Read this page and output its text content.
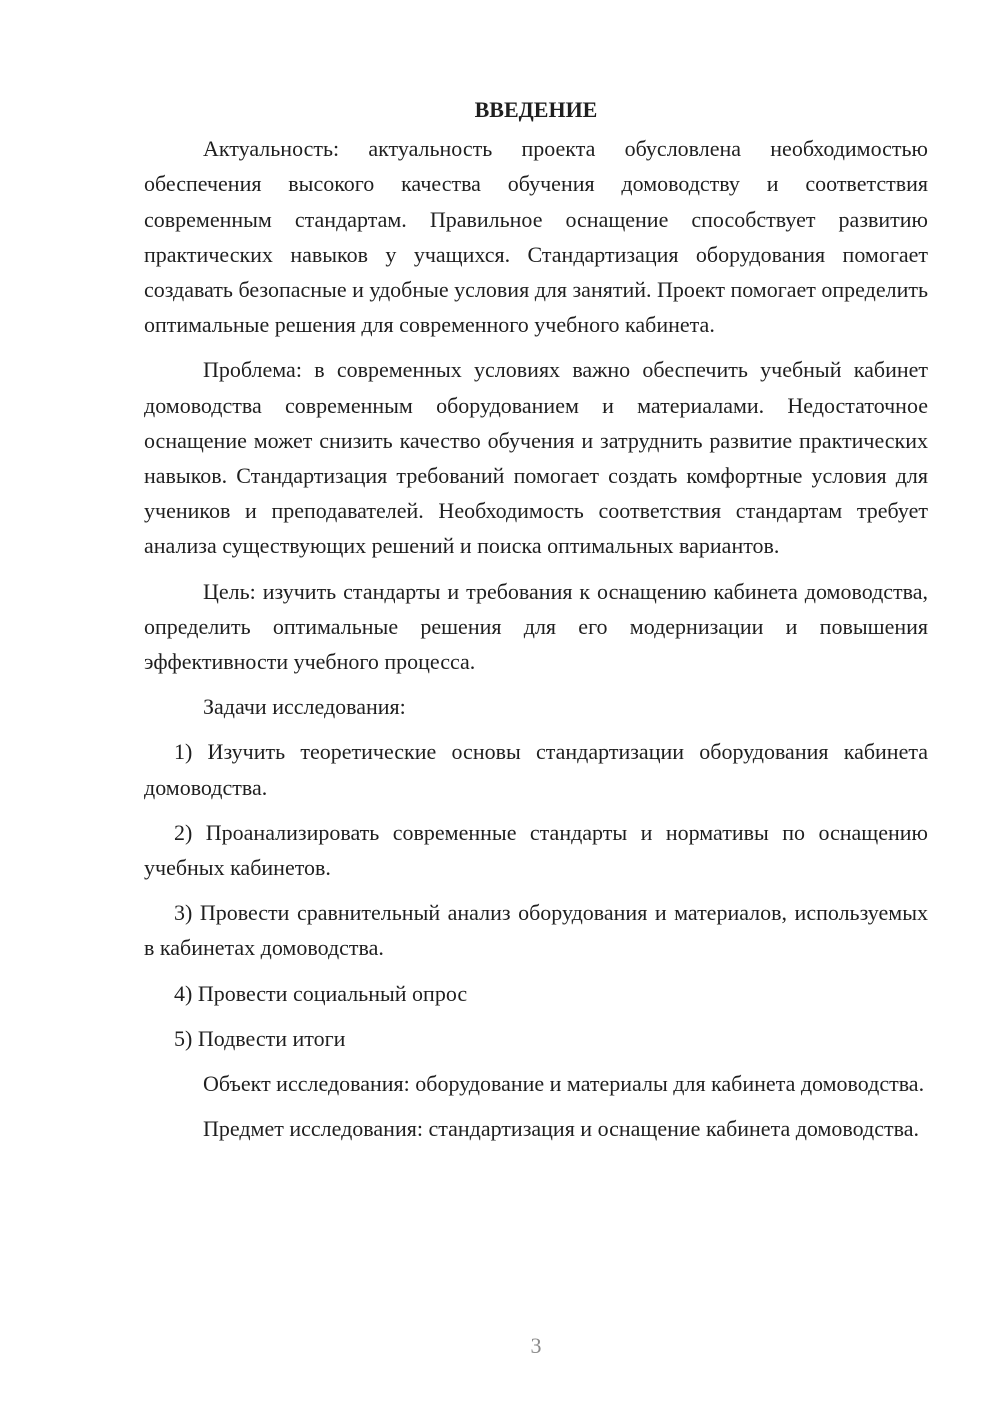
ВВЕДЕНИЕ

Актуальность: актуальность проекта обусловлена необходимостью обеспечения высокого качества обучения домоводству и соответствия современным стандартам. Правильное оснащение способствует развитию практических навыков у учащихся. Стандартизация оборудования помогает создавать безопасные и удобные условия для занятий. Проект помогает определить оптимальные решения для современного учебного кабинета.

Проблема: в современных условиях важно обеспечить учебный кабинет домоводства современным оборудованием и материалами. Недостаточное оснащение может снизить качество обучения и затруднить развитие практических навыков. Стандартизация требований помогает создать комфортные условия для учеников и преподавателей. Необходимость соответствия стандартам требует анализа существующих решений и поиска оптимальных вариантов.

Цель: изучить стандарты и требования к оснащению кабинета домоводства, определить оптимальные решения для его модернизации и повышения эффективности учебного процесса.

Задачи исследования:

1) Изучить теоретические основы стандартизации оборудования кабинета домоводства.

2) Проанализировать современные стандарты и нормативы по оснащению учебных кабинетов.

3) Провести сравнительный анализ оборудования и материалов, используемых в кабинетах домоводства.

4) Провести социальный опрос

5) Подвести итоги

Объект исследования: оборудование и материалы для кабинета домоводства.

Предмет исследования: стандартизация и оснащение кабинета домоводства.

3
